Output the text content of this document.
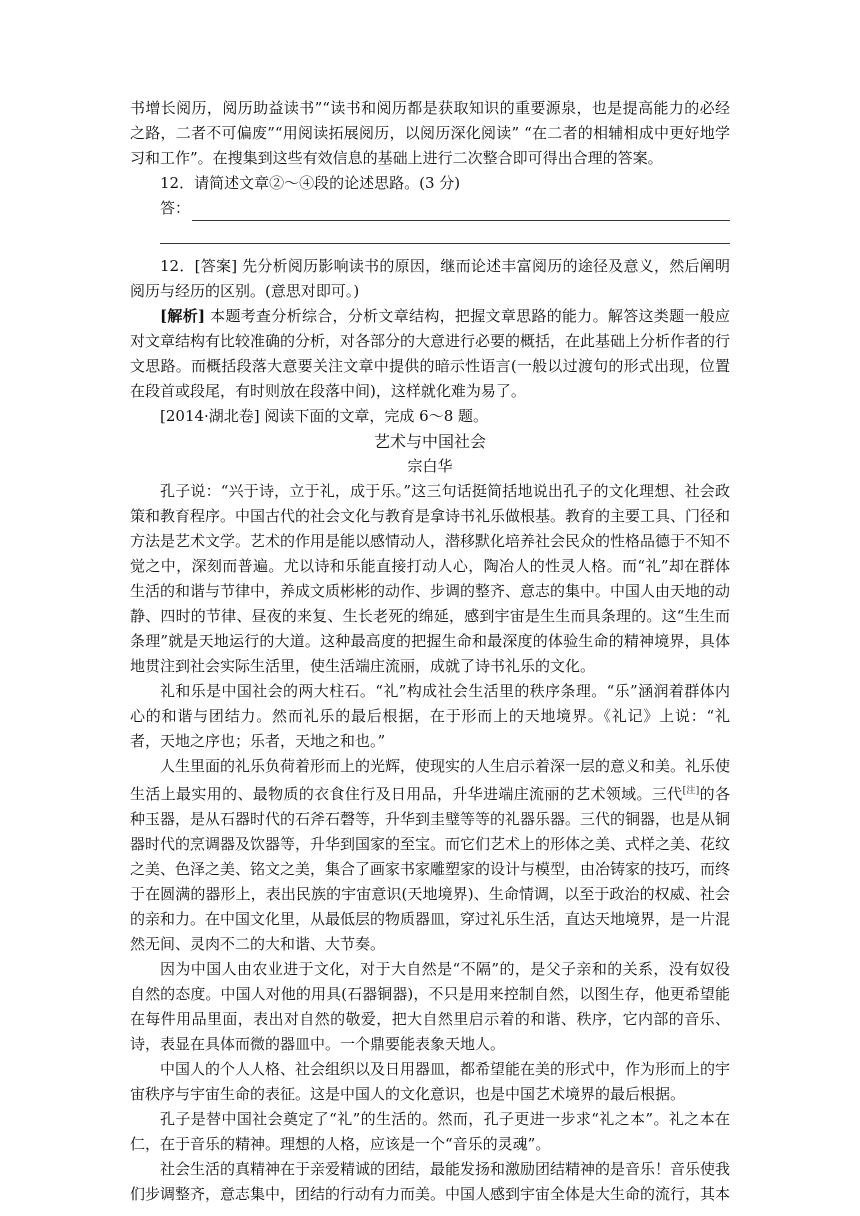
书增长阅历，阅历助益读书”“读书和阅历都是获取知识的重要源泉，也是提高能力的必经之路，二者不可偏废”“用阅读拓展阅历，以阅历深化阅读” “在二者的相辅相成中更好地学习和工作”。在搜集到这些有效信息的基础上进行二次整合即可得出合理的答案。

12．请简述文章②～④段的论述思路。(3 分)

答：

12．[答案] 先分析阅历影响读书的原因，继而论述丰富阅历的途径及意义，然后阐明阅历与经历的区别。(意思对即可。)

[解析] 本题考查分析综合，分析文章结构，把握文章思路的能力。解答这类题一般应对文章结构有比较准确的分析，对各部分的大意进行必要的概括，在此基础上分析作者的行文思路。而概括段落大意要关注文章中提供的暗示性语言(一般以过渡句的形式出现，位置在段首或段尾，有时则放在段落中间)，这样就化难为易了。

[2014·湖北卷] 阅读下面的文章，完成 6～8 题。

艺术与中国社会

宗白华

孔子说：“兴于诗，立于礼，成于乐。”这三句话挺简括地说出孔子的文化理想、社会政策和教育程序。中国古代的社会文化与教育是拿诗书礼乐做根基。教育的主要工具、门径和方法是艺术文学。艺术的作用是能以感情动人，潜移默化培养社会民众的性格品德于不知不觉之中，深刻而普遍。尤以诗和乐能直接打动人心，陶冶人的性灵人格。而“礼”却在群体生活的和谐与节律中，养成文质彬彬的动作、步调的整齐、意志的集中。中国人由天地的动静、四时的节律、昼夜的来复、生长老死的绵延，感到宇宙是生生而具条理的。这“生生而条理”就是天地运行的大道。这种最高度的把握生命和最深度的体验生命的精神境界，具体地贯注到社会实际生活里，使生活端庄流丽，成就了诗书礼乐的文化。

礼和乐是中国社会的两大柱石。“礼”构成社会生活里的秩序条理。“乐”涵润着群体内心的和谐与团结力。然而礼乐的最后根据，在于形而上的天地境界。《礼记》上说：“礼者，天地之序也；乐者，天地之和也。”

人生里面的礼乐负荷着形而上的光辉，使现实的人生启示着深一层的意义和美。礼乐使生活上最实用的、最物质的衣食住行及日用品，升华进端庄流丽的艺术领域。三代[注]的各种玉器，是从石器时代的石斧石磬等，升华到圭璧等等的礼器乐器。三代的铜器，也是从铜器时代的烹调器及饮器等，升华到国家的至宝。而它们艺术上的形体之美、式样之美、花纹之美、色泽之美、铭文之美，集合了画家书家雕塑家的设计与模型，由冶铸家的技巧，而终于在圆满的器形上，表出民族的宇宙意识(天地境界)、生命情调，以至于政治的权威、社会的亲和力。在中国文化里，从最低层的物质器皿，穿过礼乐生活，直达天地境界，是一片混然无间、灵肉不二的大和谐、大节奏。

因为中国人由农业进于文化，对于大自然是“不隔”的，是父子亲和的关系，没有奴役自然的态度。中国人对他的用具(石器铜器)，不只是用来控制自然，以图生存，他更希望能在每件用品里面，表出对自然的敬爱，把大自然里启示着的和谐、秩序，它内部的音乐、诗，表显在具体而微的器皿中。一个鼎要能表象天地人。

中国人的个人人格、社会组织以及日用器皿，都希望能在美的形式中，作为形而上的宇宙秩序与宇宙生命的表征。这是中国人的文化意识，也是中国艺术境界的最后根据。

孔子是替中国社会奠定了“礼”的生活的。然而，孔子更进一步求“礼之本”。礼之本在仁，在于音乐的精神。理想的人格，应该是一个“音乐的灵魂”。

社会生活的真精神在于亲爱精诚的团结，最能发扬和激励团结精神的是音乐！音乐使我们步调整齐，意志集中，团结的行动有力而美。中国人感到宇宙全体是大生命的流行，其本
